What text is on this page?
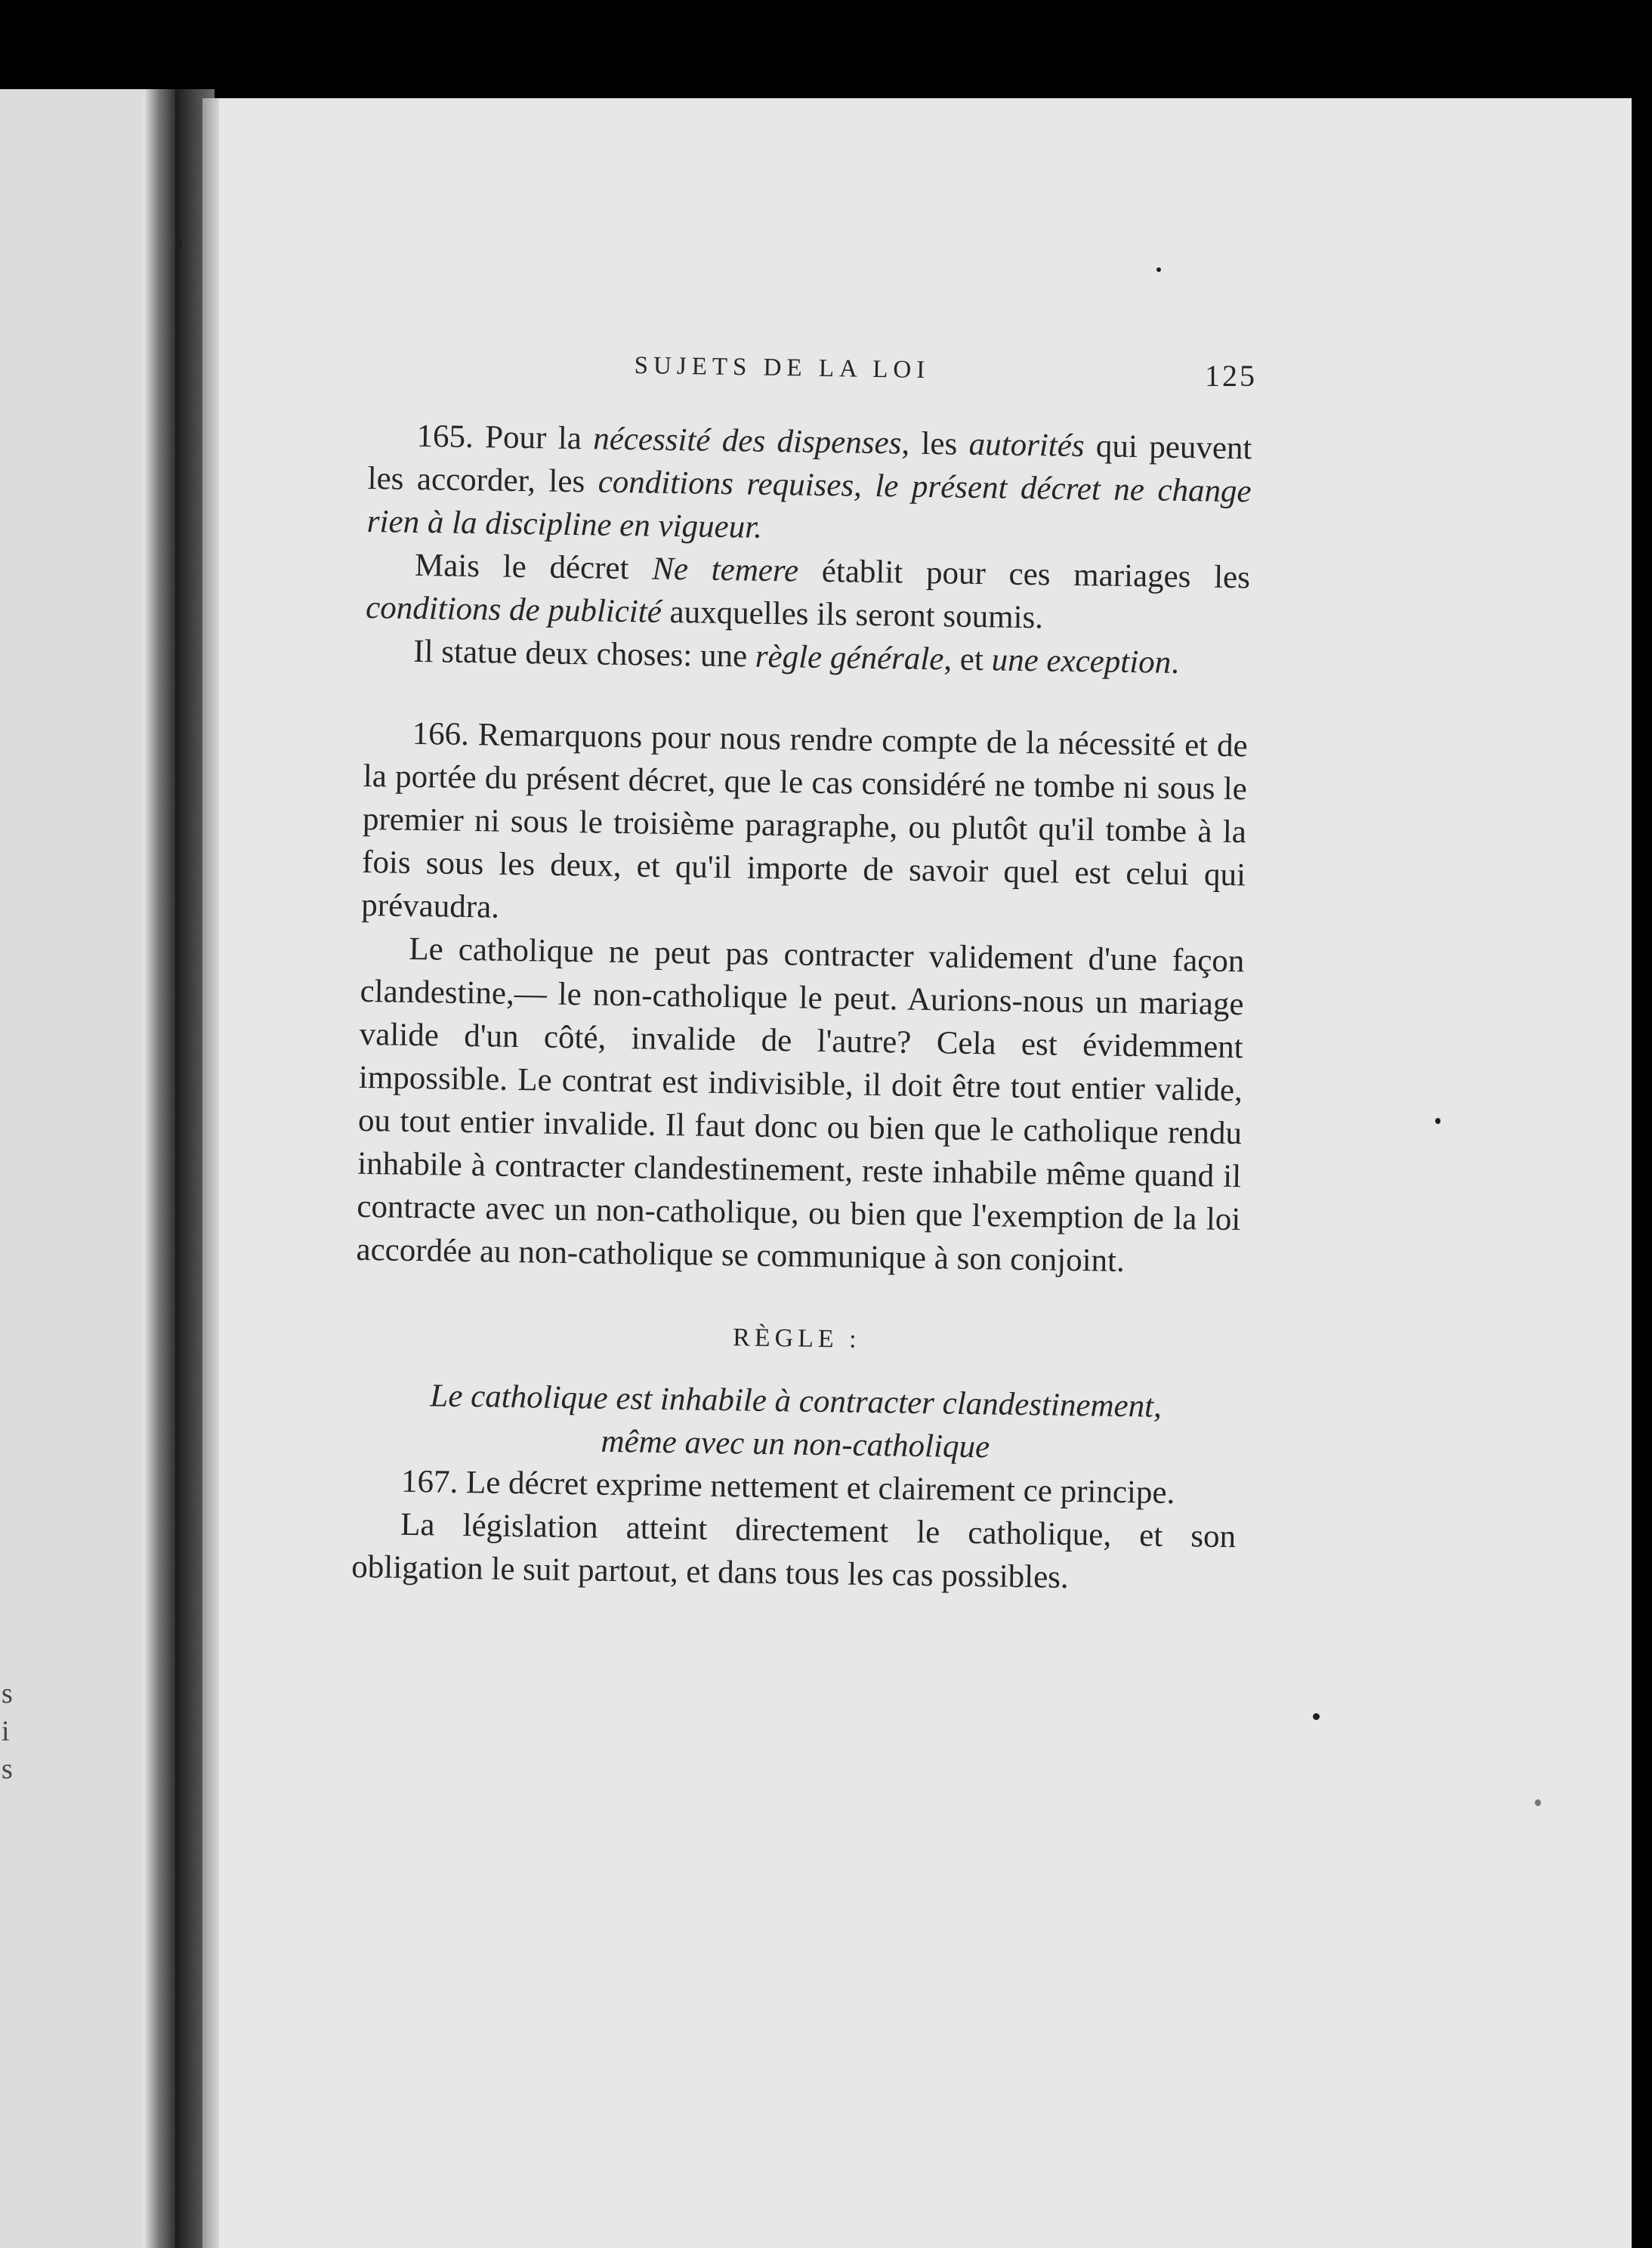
s
i
s
SUJETS DE LA LOI	125

165. Pour la nécessité des dispenses, les autorités qui peuvent les accorder, les conditions requises, le présent décret ne change rien à la discipline en vigueur.

Mais le décret Ne temere établit pour ces mariages les conditions de publicité auxquelles ils seront soumis.

Il statue deux choses: une règle générale, et une exception.

166. Remarquons pour nous rendre compte de la nécessité et de la portée du présent décret, que le cas considéré ne tombe ni sous le premier ni sous le troisième paragraphe, ou plutôt qu'il tombe à la fois sous les deux, et qu'il importe de savoir quel est celui qui prévaudra.

Le catholique ne peut pas contracter validement d'une façon clandestine,— le non-catholique le peut. Aurions-nous un mariage valide d'un côté, invalide de l'autre? Cela est évidemment impossible. Le contrat est indivisible, il doit être tout entier valide, ou tout entier invalide. Il faut donc ou bien que le catholique rendu inhabile à contracter clandestinement, reste inhabile même quand il contracte avec un non-catholique, ou bien que l'exemption de la loi accordée au non-catholique se communique à son conjoint.

RÈGLE :

Le catholique est inhabile à contracter clandestinement, même avec un non-catholique

167. Le décret exprime nettement et clairement ce principe.

La législation atteint directement le catholique, et son obligation le suit partout, et dans tous les cas possibles.
